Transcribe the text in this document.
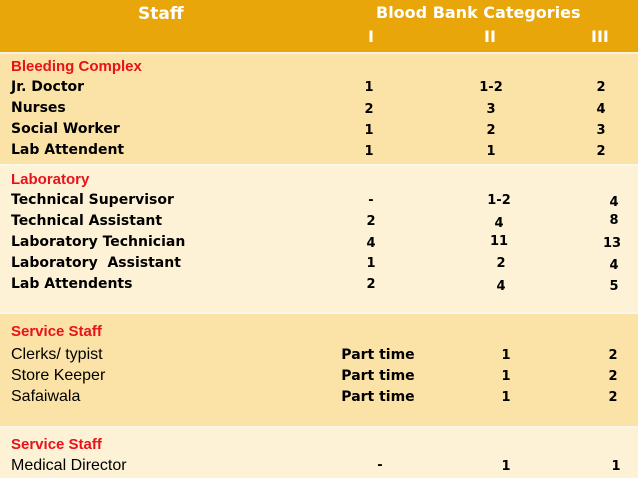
Staff	Blood Bank Categories
I	II	III
Bleeding Complex
Jr. Doctor	1	1-2	2
Nurses	2	3	4
Social Worker	1	2	3
Lab Attendent	1	1	2
Laboratory
Technical Supervisor	-	1-2	4
Technical Assistant	2	4	8
Laboratory Technician	4	11	13
Laboratory  Assistant	1	2	4
Lab Attendents	2	4	5
Service Staff
Clerks/ typist	Part time	1	2
Store Keeper	Part time	1	2
Safaiwala	Part time	1	2
Service Staff
Medical Director	-	1	1
